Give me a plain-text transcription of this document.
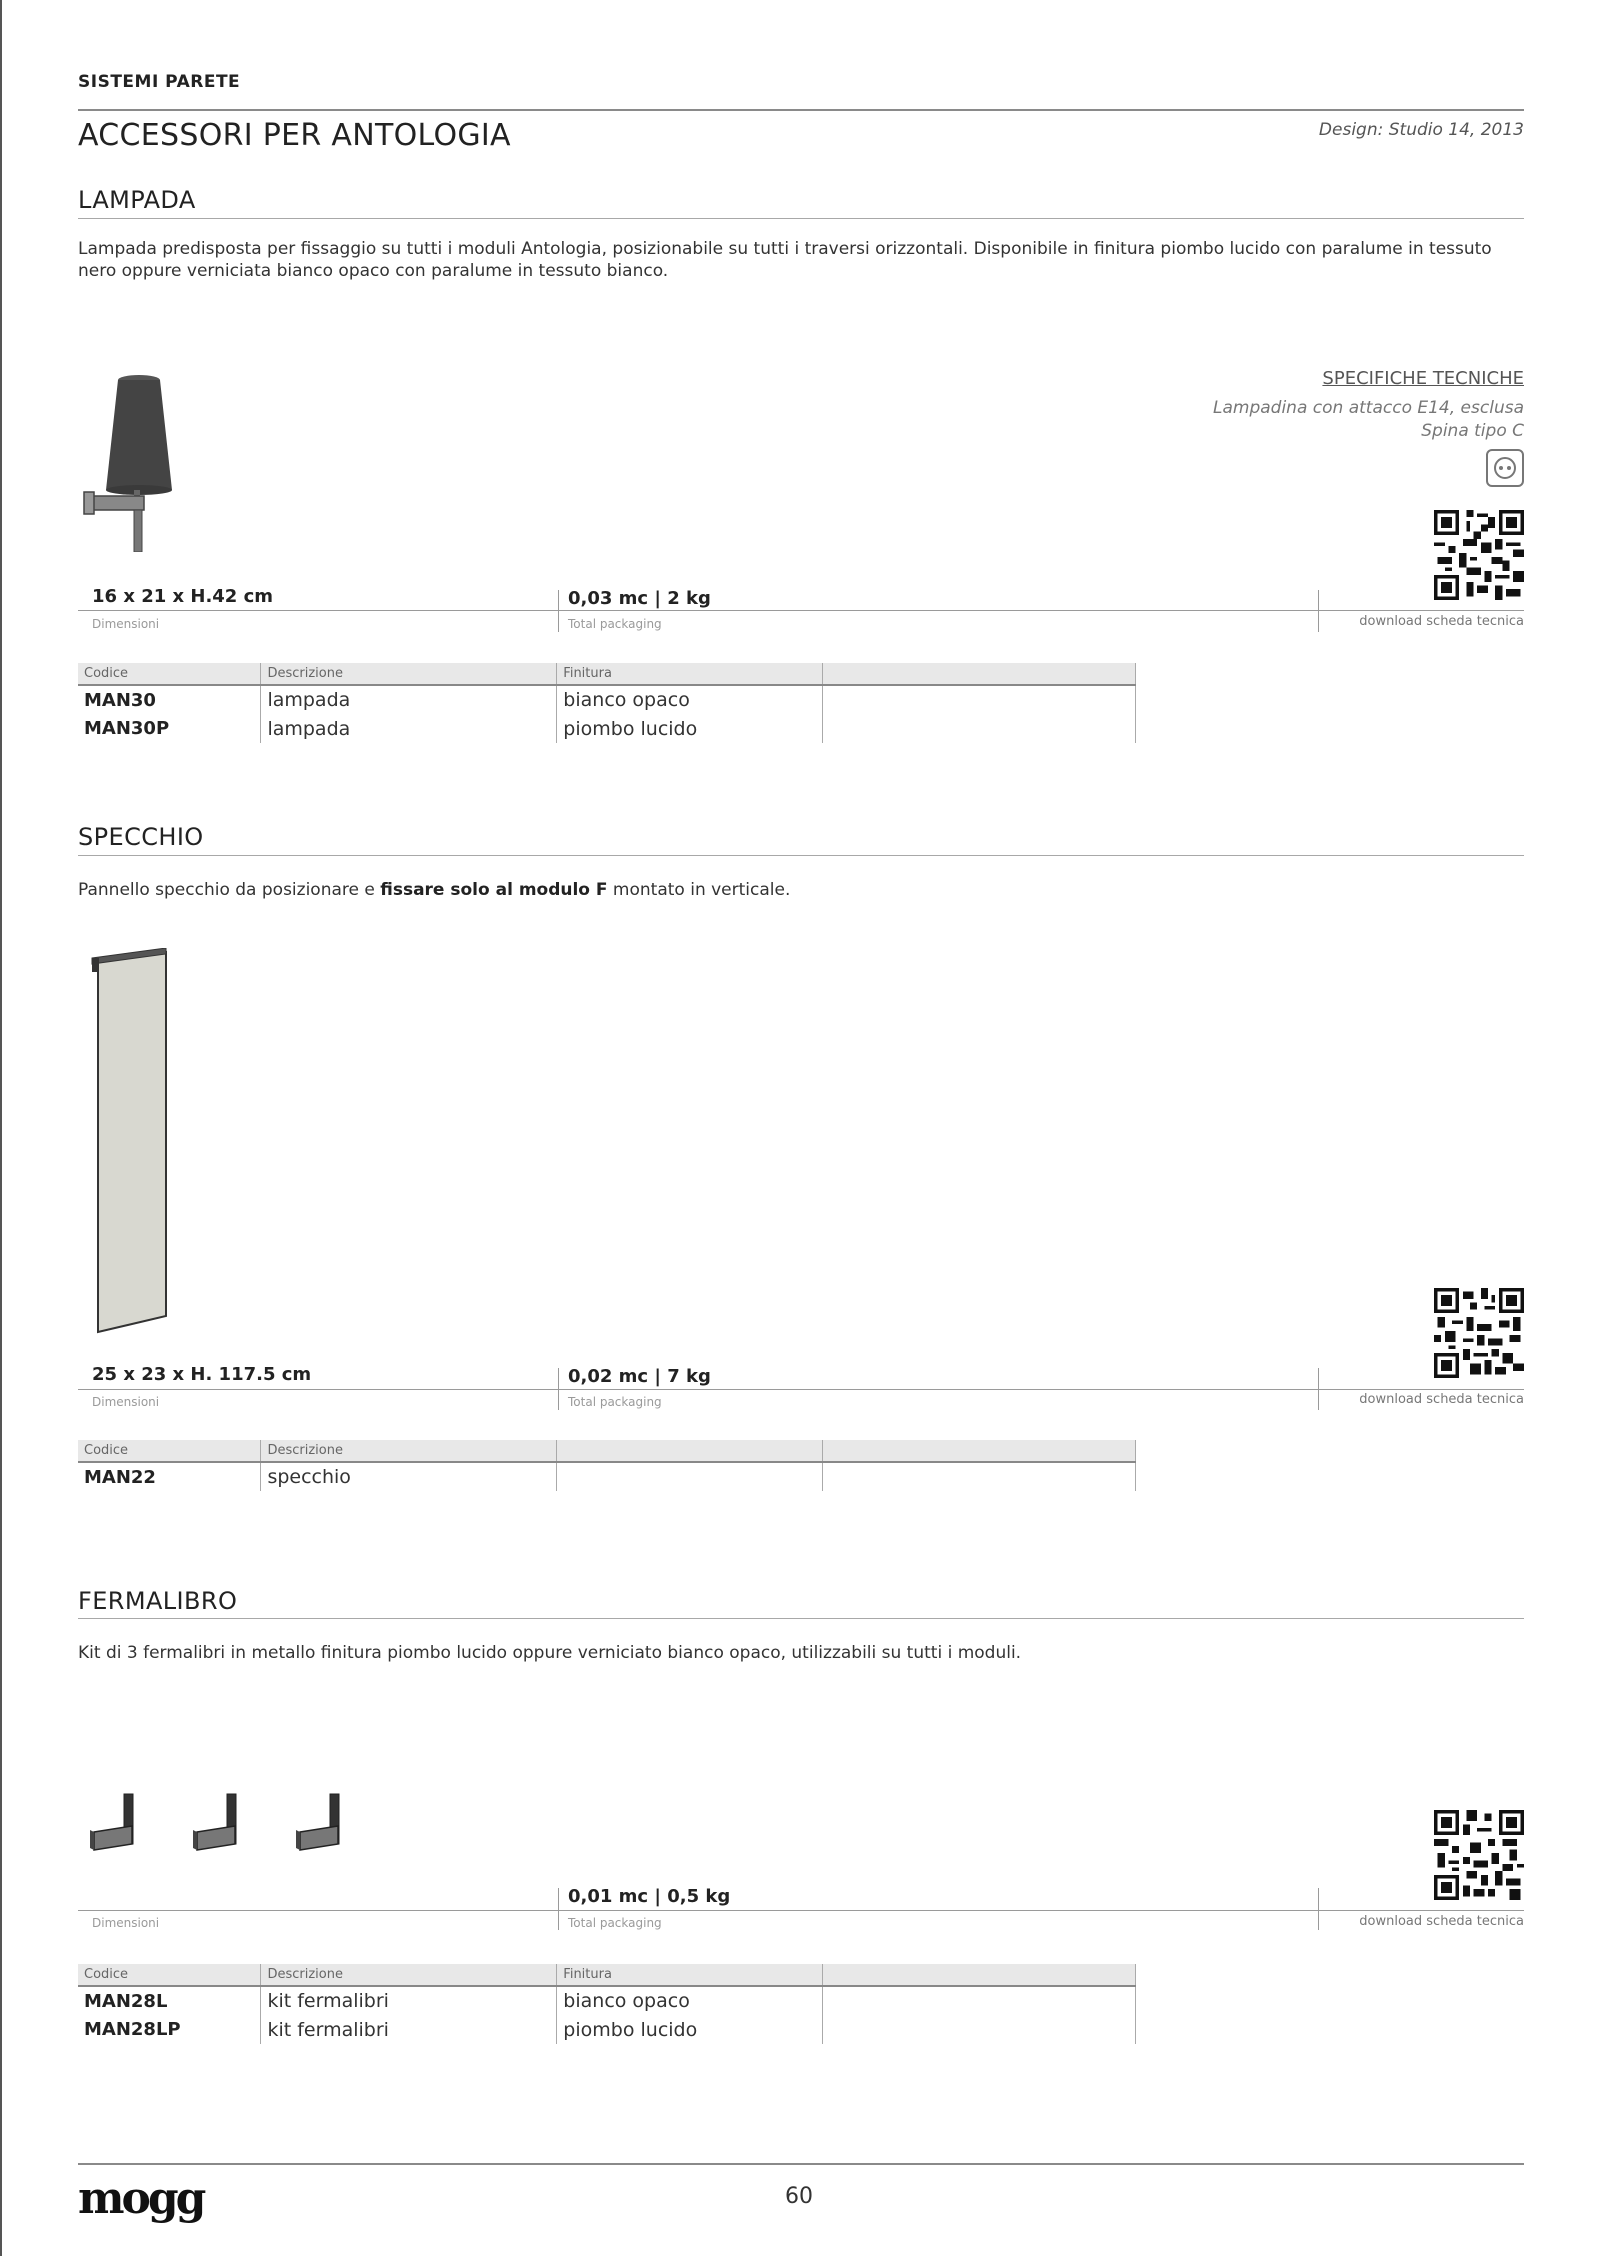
SISTEMI PARETE
ACCESSORI PER ANTOLOGIA	Design: Studio 14, 2013
LAMPADA
Lampada predisposta per fissaggio su tutti i moduli Antologia, posizionabile su tutti i traversi orizzontali. Disponibile in finitura piombo lucido con paralume in tessuto nero oppure verniciata bianco opaco con paralume in tessuto bianco.
SPECIFICHE TECNICHE
Lampadina con attacco E14, esclusa
Spina tipo C
16 x 21 x H.42 cm	0,03 mc | 2 kg
Dimensioni	Total packaging	download scheda tecnica
Codice	Descrizione	Finitura	
MAN30	lampada	bianco opaco	
MAN30P	lampada	piombo lucido	
SPECCHIO
Pannello specchio da posizionare e fissare solo al modulo F montato in verticale.
25 x 23 x H. 117.5 cm	0,02 mc | 7 kg
Dimensioni	Total packaging	download scheda tecnica
Codice	Descrizione		
MAN22	specchio		
FERMALIBRO
Kit di 3 fermalibri in metallo finitura piombo lucido oppure verniciato bianco opaco, utilizzabili su tutti i moduli.
0,01 mc | 0,5 kg
Dimensioni	Total packaging	download scheda tecnica
Codice	Descrizione	Finitura	
MAN28L	kit fermalibri	bianco opaco	
MAN28LP	kit fermalibri	piombo lucido	
mogg	60
